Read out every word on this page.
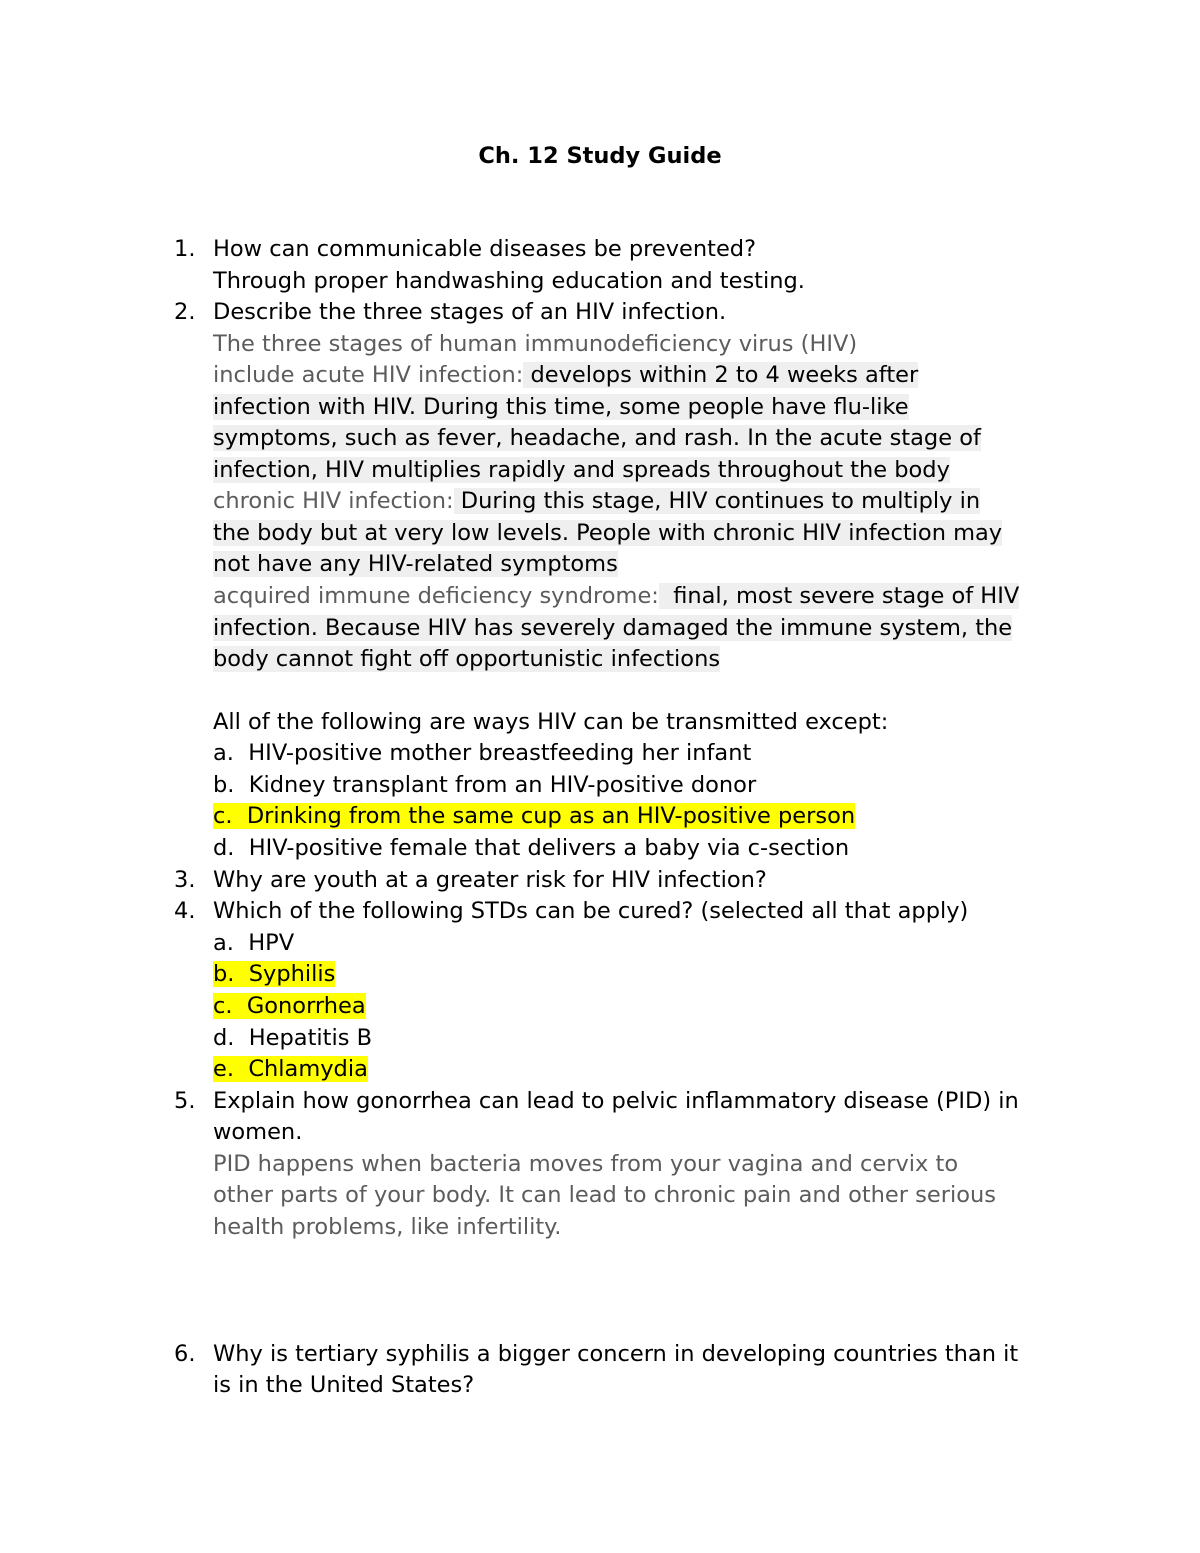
Ch. 12 Study Guide
1. How can communicable diseases be prevented?
Through proper handwashing education and testing.
2. Describe the three stages of an HIV infection.
The three stages of human immunodeficiency virus (HIV)
include acute HIV infection: develops within 2 to 4 weeks after
infection with HIV. During this time, some people have flu-like
symptoms, such as fever, headache, and rash. In the acute stage of
infection, HIV multiplies rapidly and spreads throughout the body
chronic HIV infection: During this stage, HIV continues to multiply in
the body but at very low levels. People with chronic HIV infection may
not have any HIV-related symptoms
acquired immune deficiency syndrome:  final, most severe stage of HIV
infection. Because HIV has severely damaged the immune system, the
body cannot fight off opportunistic infections
All of the following are ways HIV can be transmitted except:
a. HIV-positive mother breastfeeding her infant
b. Kidney transplant from an HIV-positive donor
c. Drinking from the same cup as an HIV-positive person
d. HIV-positive female that delivers a baby via c-section
3. Why are youth at a greater risk for HIV infection?
4. Which of the following STDs can be cured? (selected all that apply)
a. HPV
b. Syphilis
c. Gonorrhea
d. Hepatitis B
e. Chlamydia
5. Explain how gonorrhea can lead to pelvic inflammatory disease (PID) in
women.
PID happens when bacteria moves from your vagina and cervix to
other parts of your body. It can lead to chronic pain and other serious
health problems, like infertility.
6. Why is tertiary syphilis a bigger concern in developing countries than it
is in the United States?
